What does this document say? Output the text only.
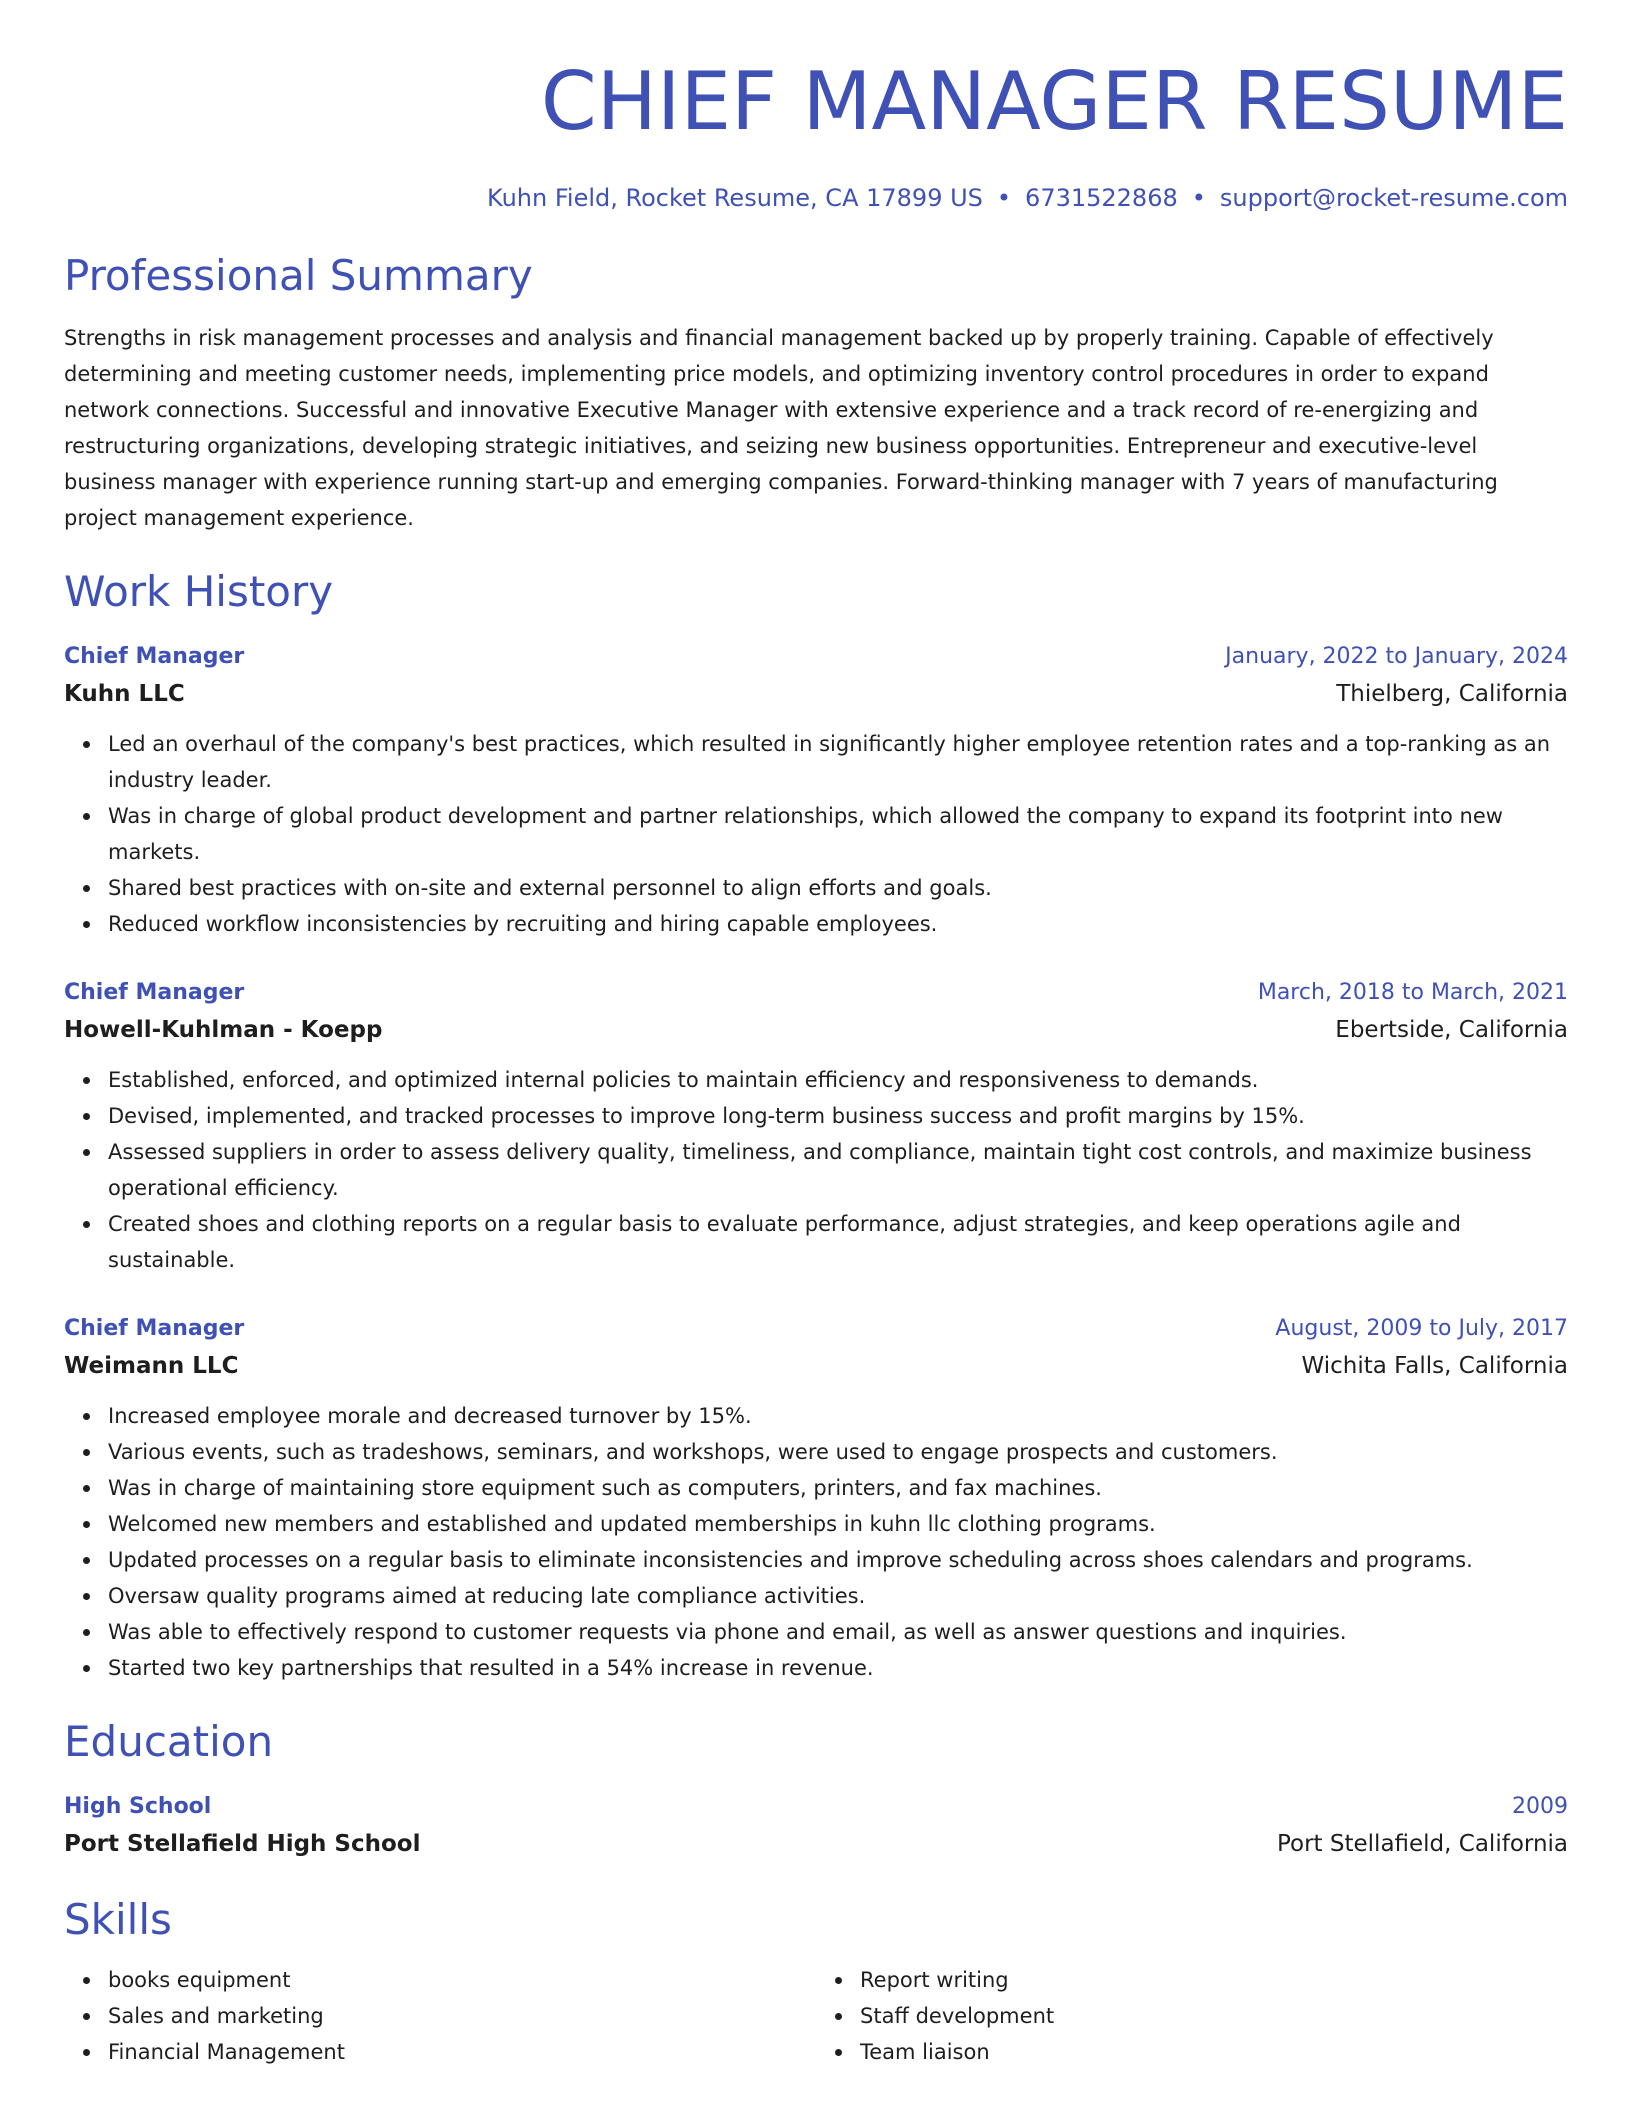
CHIEF MANAGER RESUME
Kuhn Field, Rocket Resume, CA 17899 US • 6731522868 • support@rocket-resume.com
Professional Summary

Strengths in risk management processes and analysis and financial management backed up by properly training. Capable of effectively determining and meeting customer needs, implementing price models, and optimizing inventory control procedures in order to expand network connections. Successful and innovative Executive Manager with extensive experience and a track record of re-energizing and restructuring organizations, developing strategic initiatives, and seizing new business opportunities. Entrepreneur and executive-level business manager with experience running start-up and emerging companies. Forward-thinking manager with 7 years of manufacturing project management experience.

Work History
Chief Manager	January, 2022 to January, 2024
Kuhn LLC	Thielberg, California
Led an overhaul of the company's best practices, which resulted in significantly higher employee retention rates and a top-ranking as an industry leader.
Was in charge of global product development and partner relationships, which allowed the company to expand its footprint into new markets.
Shared best practices with on-site and external personnel to align efforts and goals.
Reduced workflow inconsistencies by recruiting and hiring capable employees.
Chief Manager	March, 2018 to March, 2021
Howell-Kuhlman - Koepp	Ebertside, California
Established, enforced, and optimized internal policies to maintain efficiency and responsiveness to demands.
Devised, implemented, and tracked processes to improve long-term business success and profit margins by 15%.
Assessed suppliers in order to assess delivery quality, timeliness, and compliance, maintain tight cost controls, and maximize business operational efficiency.
Created shoes and clothing reports on a regular basis to evaluate performance, adjust strategies, and keep operations agile and sustainable.
Chief Manager	August, 2009 to July, 2017
Weimann LLC	Wichita Falls, California
Increased employee morale and decreased turnover by 15%.
Various events, such as tradeshows, seminars, and workshops, were used to engage prospects and customers.
Was in charge of maintaining store equipment such as computers, printers, and fax machines.
Welcomed new members and established and updated memberships in kuhn llc clothing programs.
Updated processes on a regular basis to eliminate inconsistencies and improve scheduling across shoes calendars and programs.
Oversaw quality programs aimed at reducing late compliance activities.
Was able to effectively respond to customer requests via phone and email, as well as answer questions and inquiries.
Started two key partnerships that resulted in a 54% increase in revenue.
Education
High School	2009
Port Stellafield High School	Port Stellafield, California
Skills
books equipment
Sales and marketing
Financial Management
Report writing
Staff development
Team liaison
